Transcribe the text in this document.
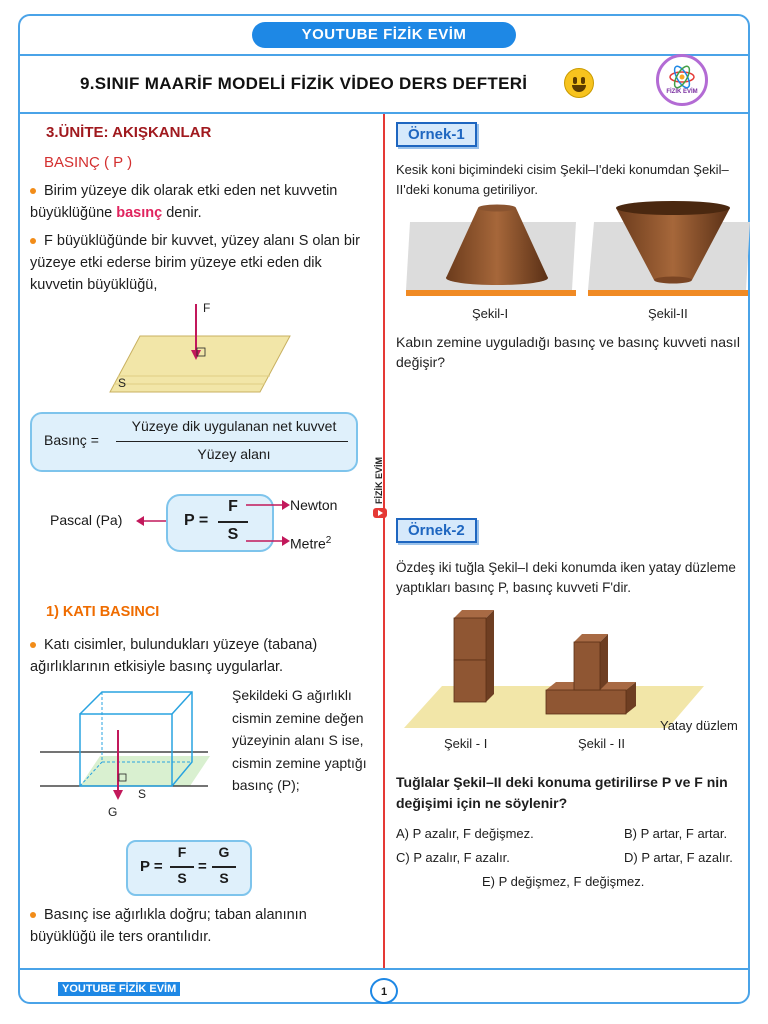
YOUTUBE FİZİK EVİM
9.SINIF MAARİF MODELİ FİZİK VİDEO DERS DEFTERİ	FİZİK EVİM
FİZİK EVİM
3.ÜNİTE: AKIŞKANLAR
BASINÇ ( P )
Birim yüzeye dik olarak etki eden net kuvvetin büyüklüğüne basınç denir.
F büyüklüğünde bir kuvvet, yüzey alanı S olan bir yüzeye etki ederse birim yüzeye etki eden dik kuvvetin büyüklüğü,
F
S
Basınç =
Yüzeye dik uygulanan net kuvvet
Yüzey alanı
Pascal (Pa)	P =
F
S
Newton
Metre$^2$
1) KATI BASINCI
Katı cisimler, bulundukları yüzeye (tabana) ağırlıklarının etkisiyle basınç uygularlar.
G
S
Şekildeki G ağırlıklı cismin zemine değen yüzeyinin alanı S ise, cismin zemine yaptığı basınç (P);
P =
F
S
=
G
S
Basınç ise ağırlıkla doğru; taban alanının büyüklüğü ile ters orantılıdır.
Örnek-1
Kesik koni biçimindeki cisim Şekil–I'deki konumdan Şekil–II'deki konuma getiriliyor.
Şekil-I	Şekil-II
Kabın zemine uyguladığı basınç ve basınç kuvveti nasıl değişir?
Örnek-2
Özdeş iki tuğla Şekil–I deki konumda iken yatay düzleme yaptıkları basınç P, basınç kuvveti F'dir.
Şekil - I	Şekil - II
Yatay düzlem
Tuğlalar Şekil–II deki konuma getirilirse P ve F nin değişimi için ne söylenir?
A) P azalır, F değişmez.	B) P artar, F artar.
C) P azalır, F azalır.	D) P artar, F azalır.
E) P değişmez, F değişmez.
YOUTUBE FİZİK EVİM	1
